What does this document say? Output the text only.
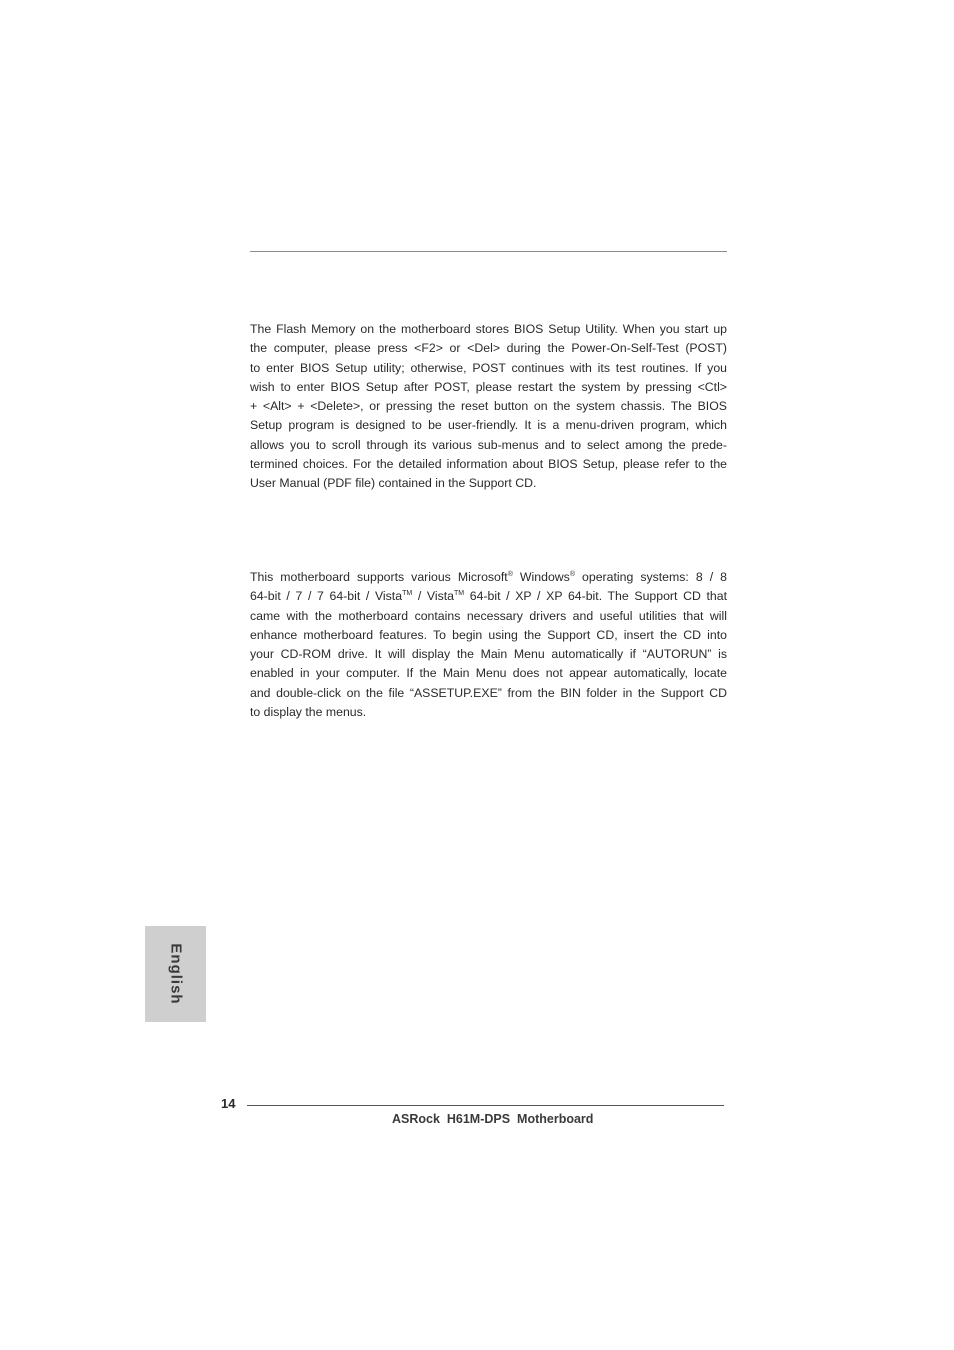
The Flash Memory on the motherboard stores BIOS Setup Utility. When you start up
the computer, please press <F2> or <Del> during the Power-On-Self-Test (POST)
to enter BIOS Setup utility; otherwise, POST continues with its test routines. If you
wish to enter BIOS Setup after POST, please restart the system by pressing <Ctl>
+ <Alt> + <Delete>, or pressing the reset button on the system chassis. The BIOS
Setup program is designed to be user-friendly. It is a menu-driven program, which
allows you to scroll through its various sub-menus and to select among the prede-
termined choices. For the detailed information about BIOS Setup, please refer to the
User Manual (PDF file) contained in the Support CD.
This motherboard supports various Microsoft® Windows® operating systems: 8 / 8
64-bit / 7 / 7 64-bit / Vista™ / Vista™ 64-bit / XP / XP 64-bit. The Support CD that
came with the motherboard contains necessary drivers and useful utilities that will
enhance motherboard features. To begin using the Support CD, insert the CD into
your CD-ROM drive. It will display the Main Menu automatically if “AUTORUN” is
enabled in your computer. If the Main Menu does not appear automatically, locate
and double-click on the file “ASSETUP.EXE” from the BIN folder in the Support CD
to display the menus.
English
14
ASRock  H61M-DPS  Motherboard
